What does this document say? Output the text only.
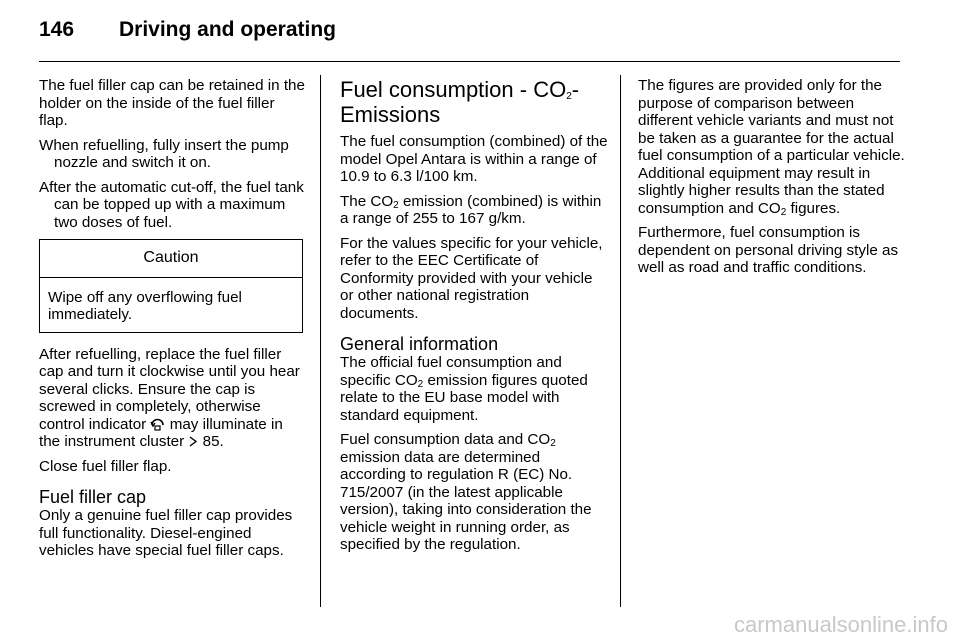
146 Driving and operating

The fuel filler cap can be retained in the holder on the inside of the fuel filler flap.

When refuelling, fully insert the pump nozzle and switch it on.

After the automatic cut-off, the fuel tank can be topped up with a maximum two doses of fuel.

Caution
Wipe off any overflowing fuel immediately.

After refuelling, replace the fuel filler cap and turn it clockwise until you hear several clicks. Ensure the cap is screwed in completely, otherwise control indicator may illuminate in the instrument cluster 85.

Close fuel filler flap.

Fuel filler cap

Only a genuine fuel filler cap provides full functionality. Diesel-engined vehicles have special fuel filler caps.

Fuel consumption - $CO_2-$
Emissions

The fuel consumption (combined) of the model Opel Antara is within a range of 10.9 to 6.3 l/100 km.

The $CO_2$ emission (combined) is within a range of 255 to 167 g/km.

For the values specific for your vehicle, refer to the EEC Certificate of Conformity provided with your vehicle or other national registration documents.

General information

The official fuel consumption and specific $CO_2$ emission figures quoted relate to the EU base model with standard equipment.

Fuel consumption data and $CO_2$ emission data are determined according to regulation R (EC) No. 715/2007 (in the latest applicable version), taking into consideration the vehicle weight in running order, as specified by the regulation.

The figures are provided only for the purpose of comparison between different vehicle variants and must not be taken as a guarantee for the actual fuel consumption of a particular vehicle. Additional equipment may result in slightly higher results than the stated consumption and $CO_2$ figures.

Furthermore, fuel consumption is dependent on personal driving style as well as road and traffic conditions.

carmanualsonline.info
